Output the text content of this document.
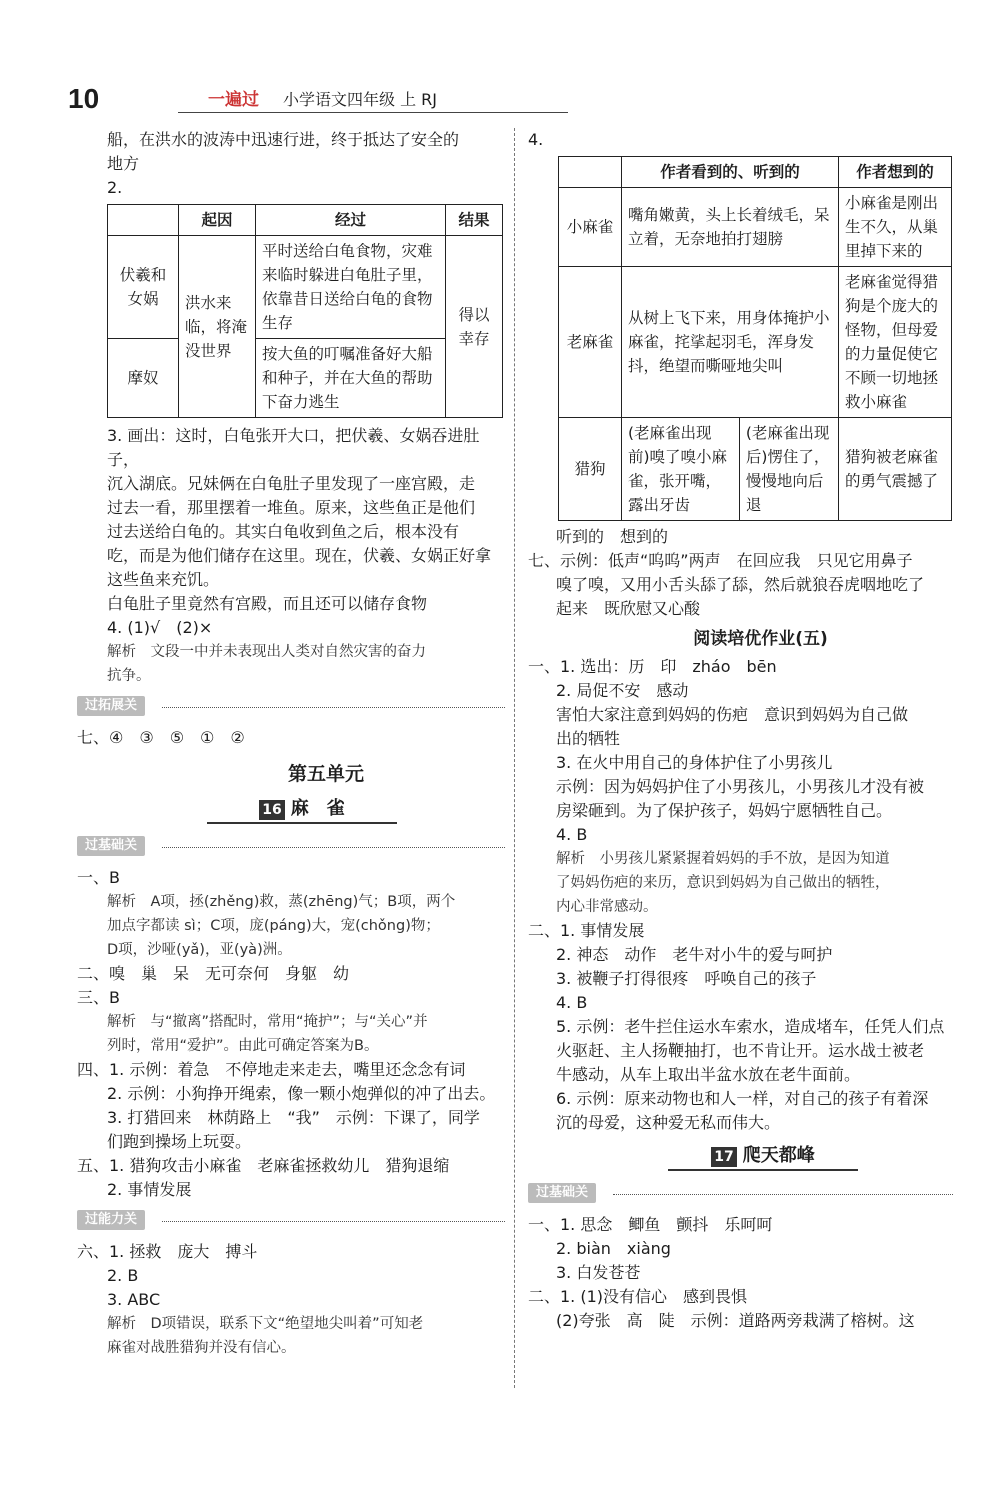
10	一遍过 小学语文四年级 上 RJ

船，在洪水的波涛中迅速行进，终于抵达了安全的

地方

2.

	起因	经过	结果
伏羲和女娲	洪水来临，将淹没世界	平时送给白龟食物，灾难来临时躲进白龟肚子里，依靠昔日送给白龟的食物生存	得以幸存
摩奴		按大鱼的叮嘱准备好大船和种子，并在大鱼的帮助下奋力逃生	

3. 画出：这时，白龟张开大口，把伏羲、女娲吞进肚子，

沉入湖底。兄妹俩在白龟肚子里发现了一座宫殿，走

过去一看，那里摆着一堆鱼。原来，这些鱼正是他们

过去送给白龟的。其实白龟收到鱼之后，根本没有

吃，而是为他们储存在这里。现在，伏羲、女娲正好拿

这些鱼来充饥。

白龟肚子里竟然有宫殿，而且还可以储存食物

4. (1)√　(2)×

解析　文段一中并未表现出人类对自然灾害的奋力

抗争。

过拓展关

七、④　③　⑤　①　②

第五单元
16 麻　雀
过基础关

一、B

解析　A项，拯(zhěng)救，蒸(zhēng)气；B项，两个

加点字都读 sì；C项，庞(páng)大，宠(chǒng)物；

D项，沙哑(yǎ)，亚(yà)洲。

二、嗅　巢　呆　无可奈何　身躯　幼

三、B

解析　与“撤离”搭配时，常用“掩护”；与“关心”并

列时，常用“爱护”。由此可确定答案为B。

四、1. 示例：着急　不停地走来走去，嘴里还念念有词

2. 示例：小狗挣开绳索，像一颗小炮弹似的冲了出去。

3. 打猎回来　林荫路上　“我”　示例：下课了，同学

们跑到操场上玩耍。

五、1. 猎狗攻击小麻雀　老麻雀拯救幼儿　猎狗退缩

2. 事情发展

过能力关

六、1. 拯救　庞大　搏斗

2. B

3. ABC

解析　D项错误，联系下文“绝望地尖叫着”可知老

麻雀对战胜猎狗并没有信心。

4.

	作者看到的、听到的		作者想到的
小麻雀	嘴角嫩黄，头上长着绒毛，呆立着，无奈地拍打翅膀		小麻雀是刚出生不久，从巢里掉下来的
老麻雀	从树上飞下来，用身体掩护小麻雀，挓挲起羽毛，浑身发抖，绝望而嘶哑地尖叫		老麻雀觉得猎狗是个庞大的怪物，但母爱的力量促使它不顾一切地拯救小麻雀
猎狗	(老麻雀出现前)嗅了嗅小麻雀，张开嘴，露出牙齿	(老麻雀出现后)愣住了，慢慢地向后退	猎狗被老麻雀的勇气震撼了

听到的　想到的

七、示例：低声“呜呜”两声　在回应我　只见它用鼻子

嗅了嗅，又用小舌头舔了舔，然后就狼吞虎咽地吃了

起来　既欣慰又心酸

阅读培优作业(五)

一、1. 选出：历　印　zháo　bēn

2. 局促不安　感动

害怕大家注意到妈妈的伤疤　意识到妈妈为自己做

出的牺牲

3. 在火中用自己的身体护住了小男孩儿

示例：因为妈妈护住了小男孩儿，小男孩儿才没有被

房梁砸到。为了保护孩子，妈妈宁愿牺牲自己。

4. B

解析　小男孩儿紧紧握着妈妈的手不放，是因为知道

了妈妈伤疤的来历，意识到妈妈为自己做出的牺牲，

内心非常感动。

二、1. 事情发展

2. 神态　动作　老牛对小牛的爱与呵护

3. 被鞭子打得很疼　呼唤自己的孩子

4. B

5. 示例：老牛拦住运水车索水，造成堵车，任凭人们点

火驱赶、主人扬鞭抽打，也不肯让开。运水战士被老

牛感动，从车上取出半盆水放在老牛面前。

6. 示例：原来动物也和人一样，对自己的孩子有着深

沉的母爱，这种爱无私而伟大。

17 爬天都峰
过基础关

一、1. 思念　鲫鱼　颤抖　乐呵呵

2. biàn　xiàng

3. 白发苍苍

二、1. (1)没有信心　感到畏惧

(2)夸张　高　陡　示例：道路两旁栽满了榕树。这
